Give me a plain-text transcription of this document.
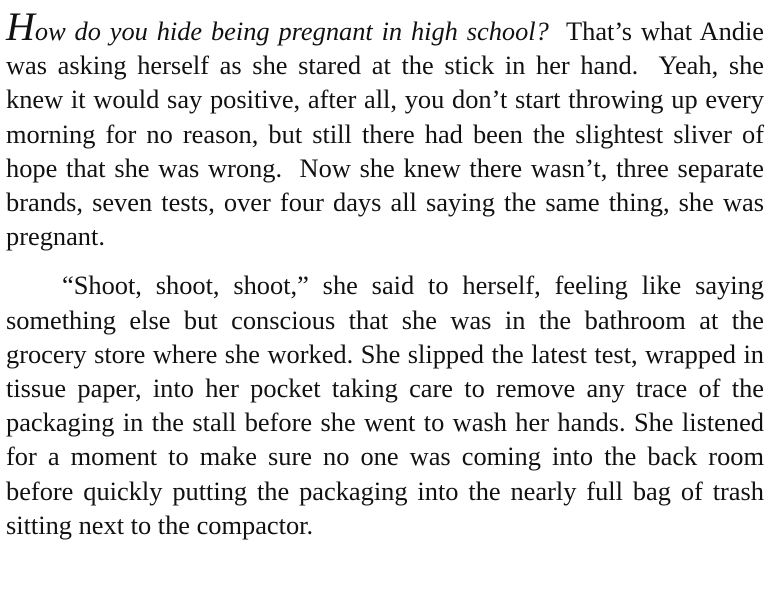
How do you hide being pregnant in high school?  That’s what Andie was asking herself as she stared at the stick in her hand.  Yeah, she knew it would say positive, after all, you don’t start throwing up every morning for no reason, but still there had been the slightest sliver of hope that she was wrong.  Now she knew there wasn’t, three separate brands, seven tests, over four days all saying the same thing, she was pregnant.

“Shoot, shoot, shoot,” she said to herself, feeling like saying something else but conscious that she was in the bathroom at the grocery store where she worked. She slipped the latest test, wrapped in tissue paper, into her pocket taking care to remove any trace of the packaging in the stall before she went to wash her hands. She listened for a moment to make sure no one was coming into the back room before quickly putting the packaging into the nearly full bag of trash sitting next to the compactor.
